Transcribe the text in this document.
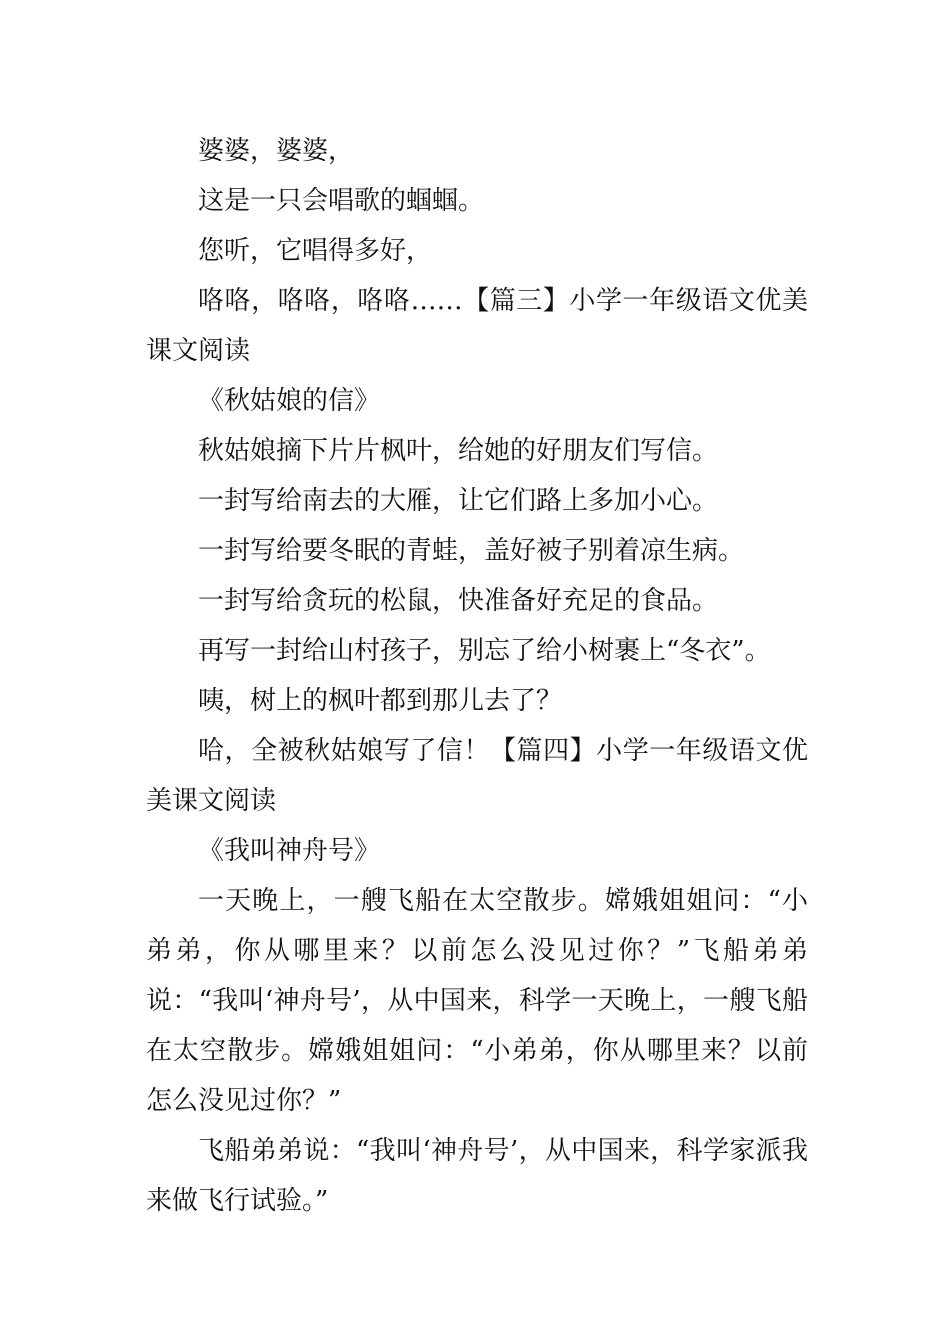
婆婆，婆婆，

这是一只会唱歌的蝈蝈。

您听，它唱得多好，

咯咯，咯咯，咯咯……【篇三】小学一年级语文优美课文阅读

《秋姑娘的信》

秋姑娘摘下片片枫叶，给她的好朋友们写信。

一封写给南去的大雁，让它们路上多加小心。

一封写给要冬眠的青蛙，盖好被子别着凉生病。

一封写给贪玩的松鼠，快准备好充足的食品。

再写一封给山村孩子，别忘了给小树裹上“冬衣”。

咦，树上的枫叶都到那儿去了？

哈，全被秋姑娘写了信！【篇四】小学一年级语文优美课文阅读

《我叫神舟号》

一天晚上，一艘飞船在太空散步。嫦娥姐姐问：“小弟弟，你从哪里来？以前怎么没见过你？”飞船弟弟说：“我叫‘神舟号’，从中国来，科学一天晚上，一艘飞船在太空散步。嫦娥姐姐问：“小弟弟，你从哪里来？以前怎么没见过你？”

飞船弟弟说：“我叫‘神舟号’，从中国来，科学家派我来做飞行试验。”
